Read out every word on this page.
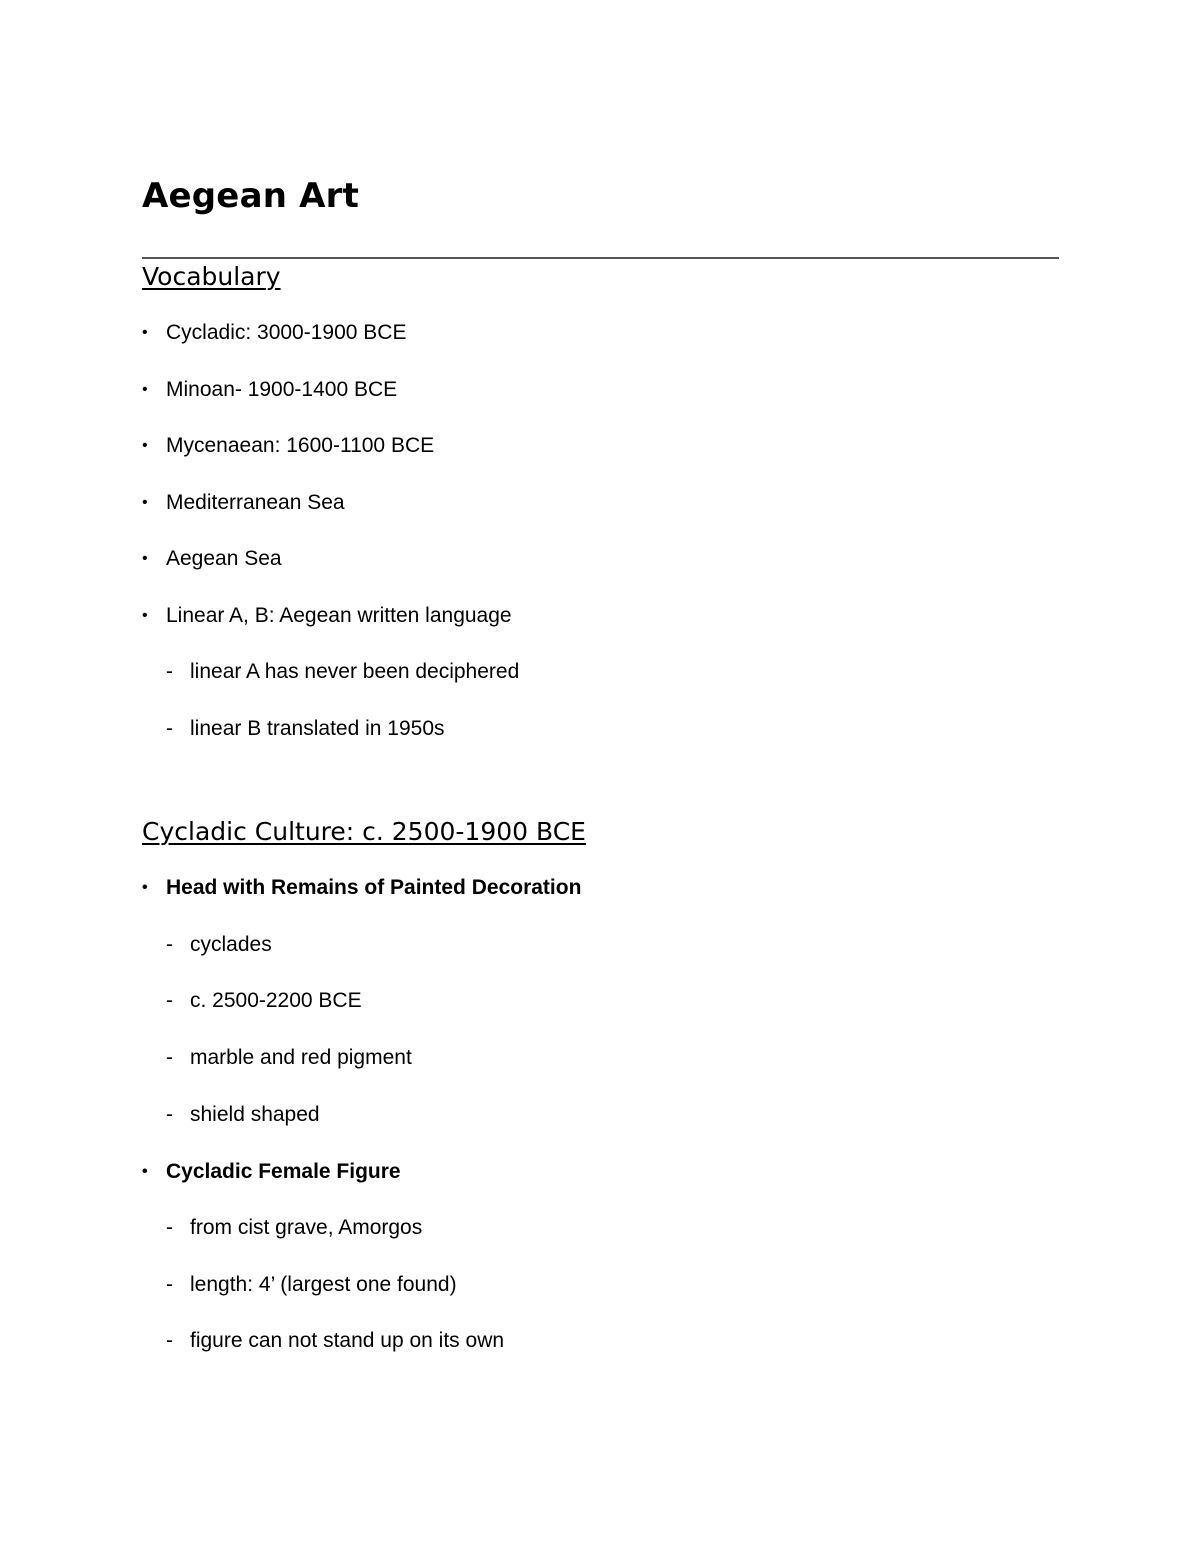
Aegean Art
Vocabulary
• Cycladic: 3000-1900 BCE
• Minoan- 1900-1400 BCE
• Mycenaean: 1600-1100 BCE
• Mediterranean Sea
• Aegean Sea
• Linear A, B: Aegean written language
- linear A has never been deciphered
- linear B translated in 1950s
Cycladic Culture: c. 2500-1900 BCE
• Head with Remains of Painted Decoration
- cyclades
- c. 2500-2200 BCE
- marble and red pigment
- shield shaped
• Cycladic Female Figure
- from cist grave, Amorgos
- length: 4’ (largest one found)
- figure can not stand up on its own
